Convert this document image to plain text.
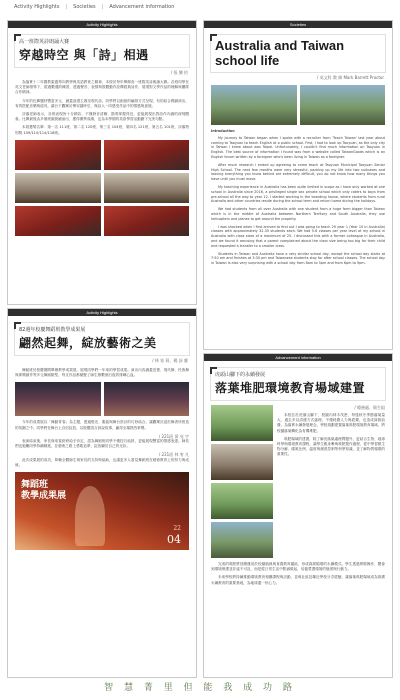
Activity Highlights | Societies | Advancement information
Activity Highlights
高一班際英詩朗誦大賽
穿越時空 與「詩」相遇
/ 張 樂 怡

為落實十二年國教素養導向教學與英語教育之精神，本校於每年舉辦高一班際英詩朗誦大賽。各班同學在英文老師指導下，經過數週的練習，透過聲音、表情與肢體動作詮釋經典詩作，展現對文學作品的理解與團隊合作精神。

今年的比賽題材豐富多元，涵蓋浪漫主義至現代詩，同學們以創意的編排方式呈現，有的結合戲劇演出，有的搭配音樂與道具，讓台下觀眾彷彿穿越時空，與詩人一同感受作品中的情感與意境。

評審老師表示，各班表現皆十分精彩，不僅發音清晰、節奏掌握得宜，更能展現出對詩作內涵的深刻體會。比賽最後由多個班級脫穎而出，獲得優異成績，也為本學期的英語學習活動劃下完美句點。

本屆獲獎名單：第一名 111班、第二名 120班、第三名 104班、第四名 121班、第五名 101班、評審特別獎 109/110/114/118班。

Activity Highlights
82週年校慶舞蹈班教學成果展
翩然起舞，綻放藝術之美
/ 林 家 莉、楊 詠 慶

舞蹈班於校慶期間舉辦教學成果展，展現同學們一年來的學習成果。演出內容涵蓋芭蕾、現代舞、民族舞與即興創作等多元舞蹈類型，每支作品都凝聚了師生無數個日夜的排練心血。

今年的成果展以「舞動青春」為主題，透過燈光、服裝與舞台設計的巧妙結合，讓觀眾沉浸於舞者所營造的氛圍之中。同學們在舞台上自信綻放，以肢體語言訴說故事，贏得全場熱烈掌聲。

/ 221班 黃 亮 宇

表演結束後，家長與來賓紛紛給予肯定，認為舞蹈班同學不僅技巧純熟，更能展現豐富的情感表達。師長們也勉勵同學持續精進，在藝術之路上勇敢追夢，綻放屬於自己的光彩。

/ 221班 林 宥 凡

此次成果展的成功，仰賴全體師生與家長的支持與協助，也讓更多人看見舞蹈班在藝術教育上的努力與成就。

舞蹈班
教學成果展
22
04
Societies
Australia and Taiwan school life
/ 英文科 教 師 Mark Barrett Proctor
Introduction

My journey to Taiwan began when I spoke with a recruiter from 'Teach Taiwan' last year about coming to Taoyuan to teach English at a public school. First, I had to look up Taoyuan, as the only city in Taiwan I knew about was Taipei. Unfortunately, I couldn't find much information on Taoyuan in English. The best source of information I found was from a website called TaiwanGoods which is an English forum written by a foreigner who's been living in Taiwan as a foreigner.

After much research I ended up agreeing to come teach at Taoyuan Municipal Taoyuan Senior High School. The next few months were very stressful, packing up my life into two suitcases and leaving everything you know behind are extremely difficult, you do not know how many things you have until you must move.

My teaching experience in Australia has been quite limited in scope as I have only worked at one school in Australia since 2016, a privileged single sex private school which only caters to boys from pre-school all the way to year 12. I started working in the boarding house, where students from rural Australia and other countries reside during the school term and return home during the holidays.

We had students from all over Australia with one student from a huge farm bigger than Taiwan which is in the middle of Australia between Northern Territory and South Australia, they use helicopters and planes to get around the property.

I was shocked when I first arrived to find out I was going to teach 29 year 1 (Year 10 in Australia) classes with approximately 32-35 students each. We had 5-6 classes per year level at my school in Australia with class sizes of a maximum of 25. I discussed this with a former colleague in Australia, and we found it amusing that a parent complained about the class size being too big for their child and requested a transfer to a smaller class.

Students in Taiwan and Australia have a very similar school day, except the school day starts at 7:50 am and finishes at 3:30 pm and Taiwanese students stay for after school classes. The school day in Taiwan is also very surprising with a school day from 8am to 5pm and from 6pm to 9pm.

Advancement information
虎頭山腳下的永續發展
落葉堆肥環境教育場域建置
/ 總務處、衛生組

本校位於虎頭山腳下，校園內林木茂密，每逢秋冬季節落葉量大，過去多以清運方式處理，不僅耗費人力與經費，也造成資源浪費。為落實永續發展理念，學校規劃建置落葉堆肥環境教育場域，將校園落葉轉化為有機堆肥。

堆肥場域的建置，除了解決落葉處理問題外，更結合生物、地球科學與環境教育課程，讓學生親身參與堆肥製作過程，從中學習微生物分解、碳氮比例、溫度與濕度控制等科學知識，並了解物質循環的重要性。

完成的堆肥將回饋運用於校園植栽與食農教育園區，形成資源循環的永續模式。學生透過實際操作，體會到環境保護並非遙不可及，而是從日常生活中點滴做起，培養愛護環境的態度與行動力。

未來學校將持續推動環境教育相關課程與活動，並與社區及鄰近學校分享經驗，讓落葉堆肥場域成為推廣永續教育的重要基地，為地球盡一份心力。

智 慧 菁 里 但 能 我 成 功 路
